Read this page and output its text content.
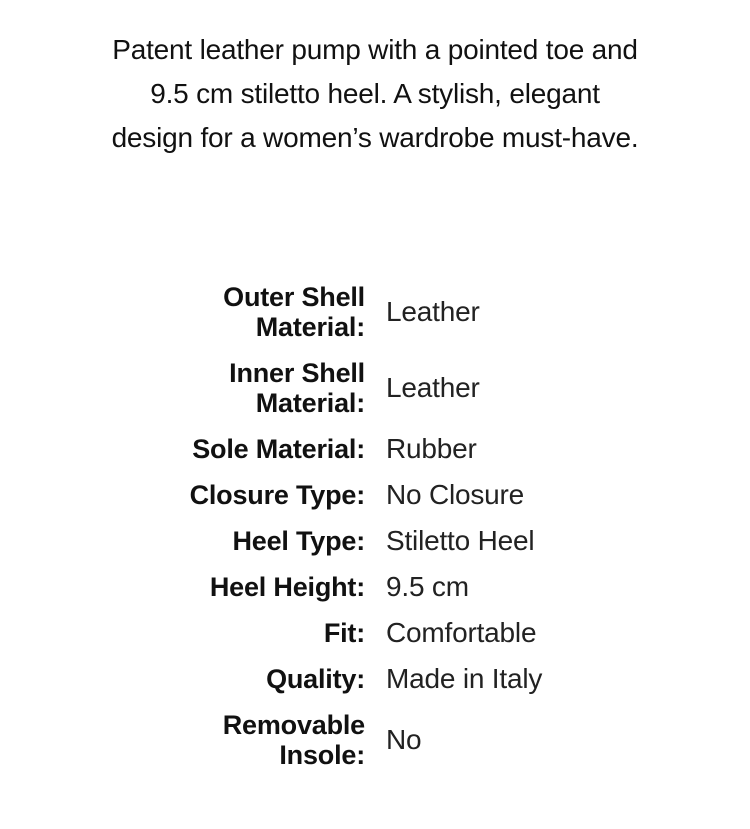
Patent leather pump with a pointed toe and 9.5 cm stiletto heel. A stylish, elegant design for a women’s wardrobe must-have.
Outer Shell
Material: Leather
Inner Shell
Material: Leather
Sole Material: Rubber
Closure Type: No Closure
Heel Type: Stiletto Heel
Heel Height: 9.5 cm
Fit: Comfortable
Quality: Made in Italy
Removable
Insole: No
